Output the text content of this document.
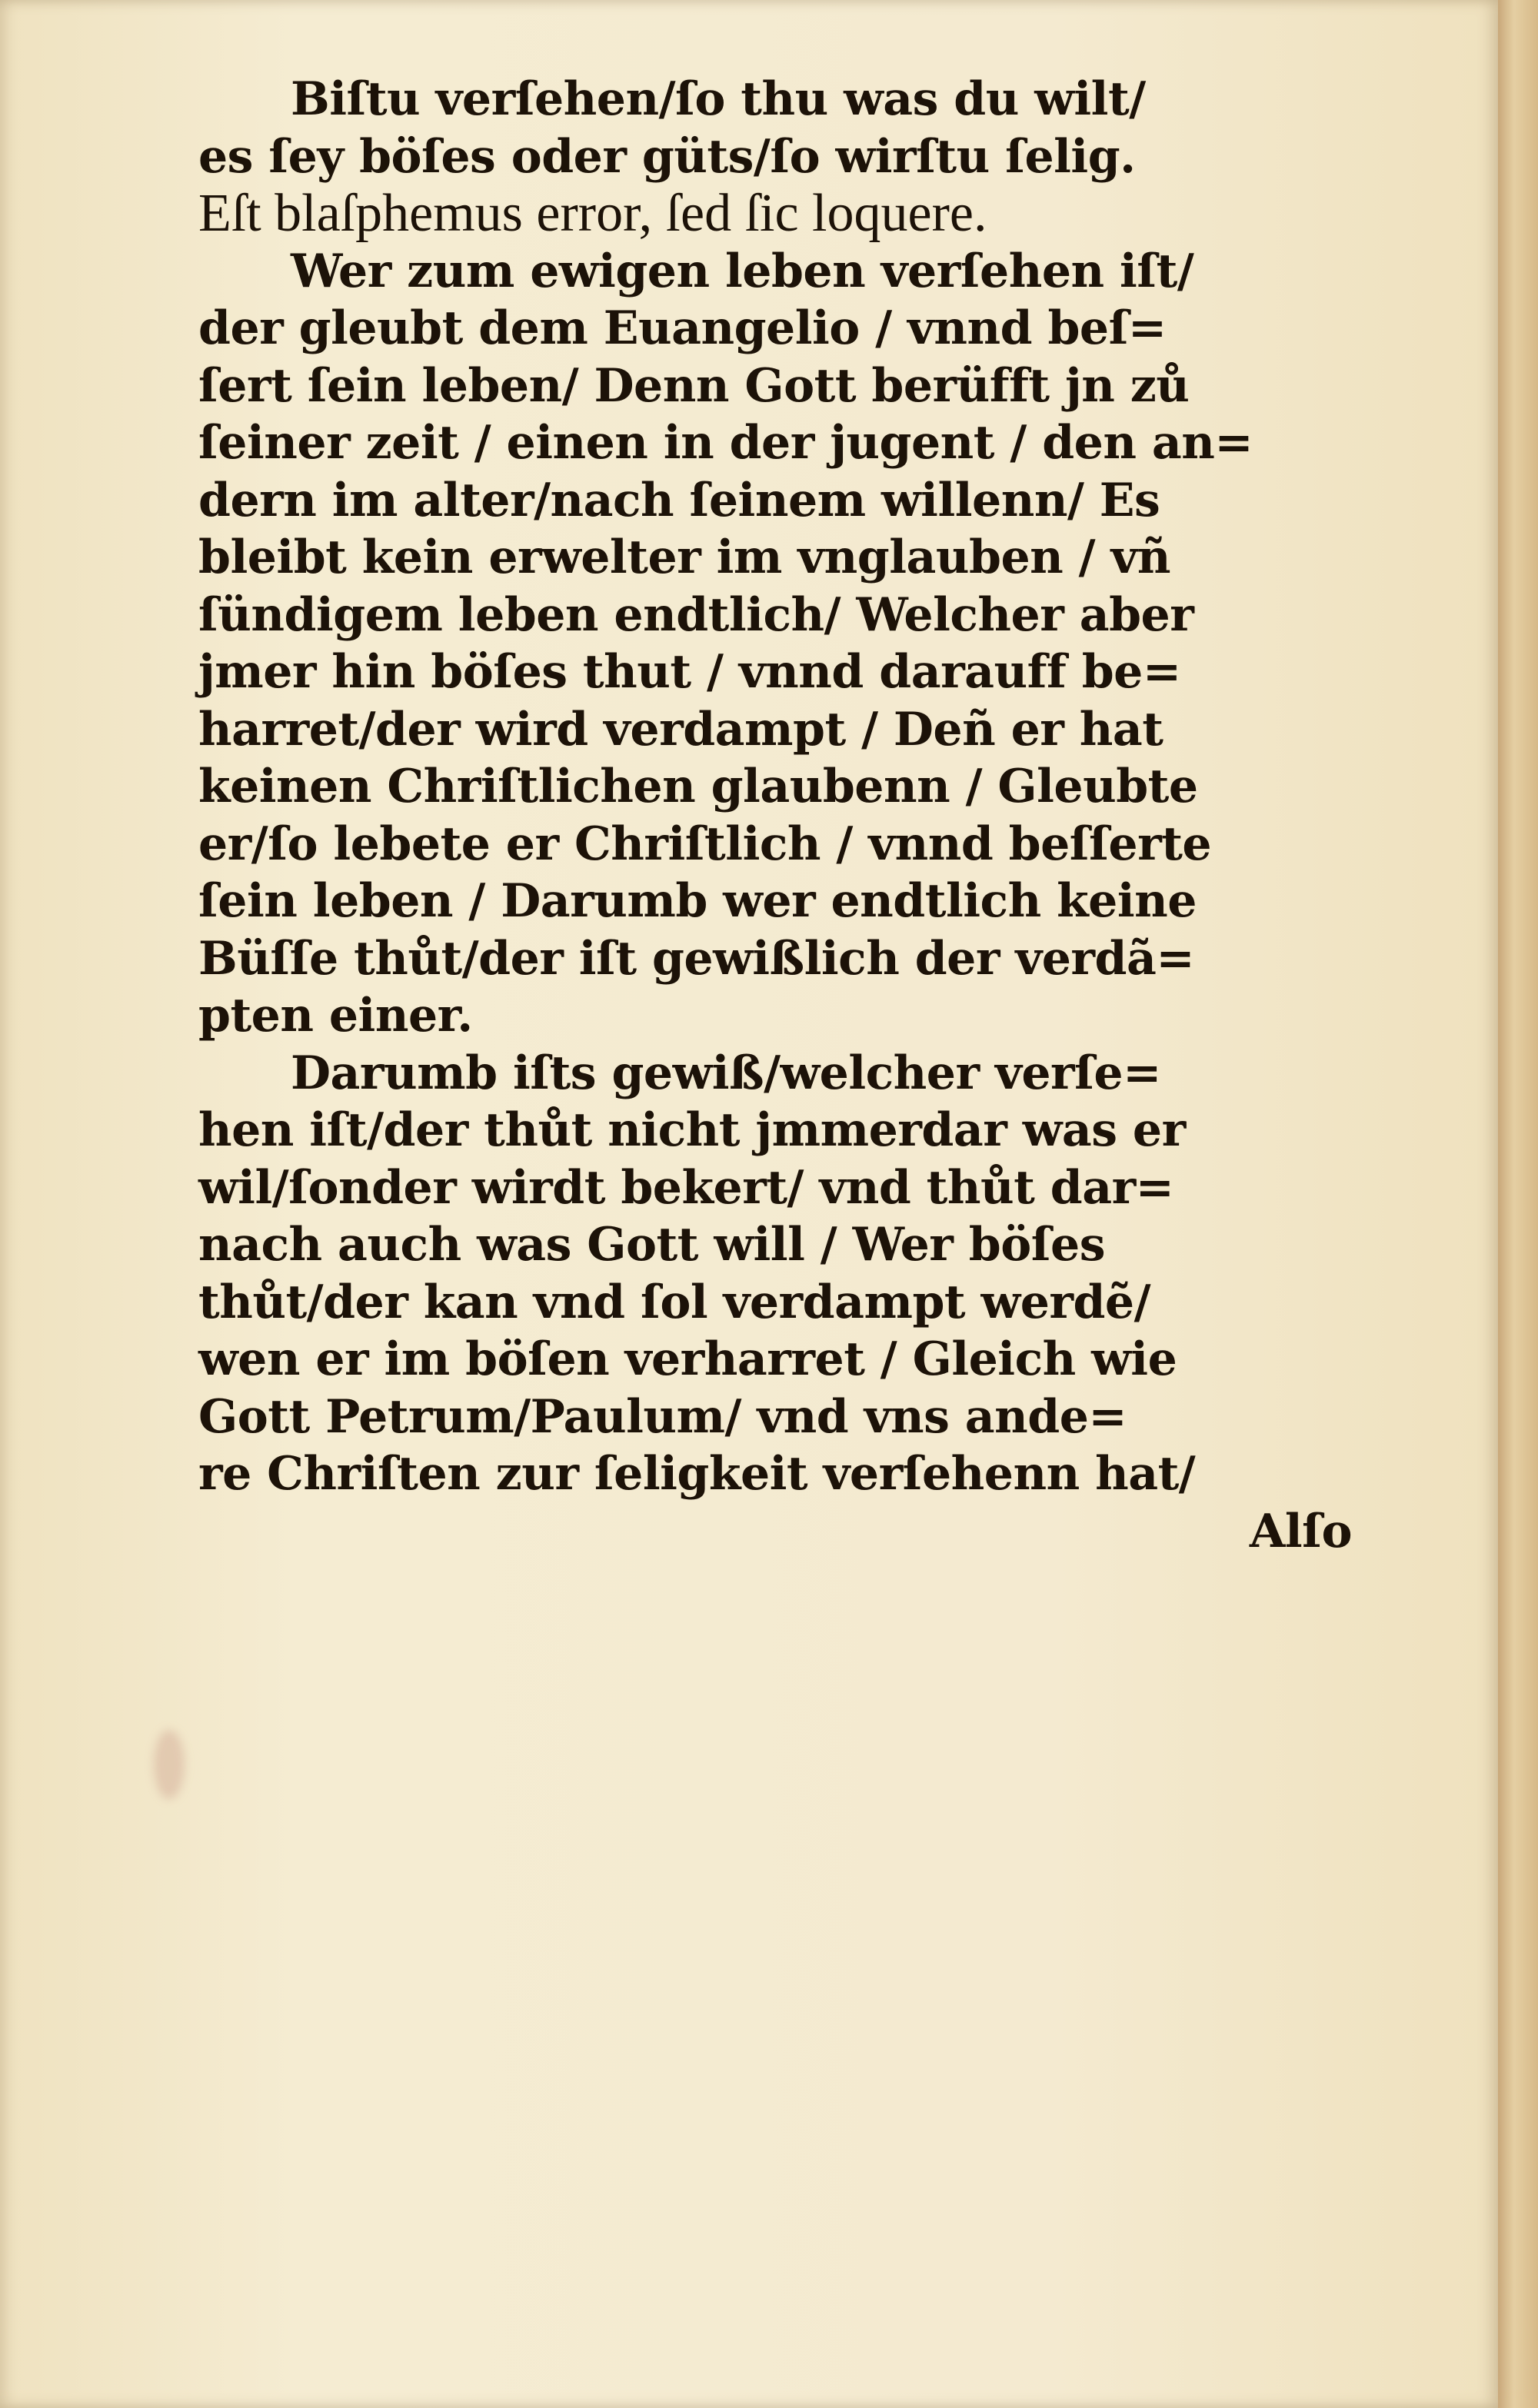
Biſtu verſehen/ſo thu was du wilt/
es ſey böſes oder güts/ſo wirſtu ſelig.
Eſt blaſphemus error, ſed ſic loquere.
Wer zum ewigen leben verſehen iſt/
der gleubt dem Euangelio / vnnd beſ=
ſert ſein leben/ Denn Gott berüfft jn zů
ſeiner zeit / einen in der jugent / den an=
dern im alter/nach ſeinem willenn/ Es
bleibt kein erwelter im vnglauben / vñ
ſündigem leben endtlich/ Welcher aber
jmer hin böſes thut / vnnd darauff be=
harret/der wird verdampt / Deñ er hat
keinen Chriſtlichen glaubenn / Gleubte
er/ſo lebete er Chriſtlich / vnnd beſſerte
ſein leben / Darumb wer endtlich keine
Büſſe thůt/der iſt gewißlich der verdã=
pten einer.
Darumb iſts gewiß/welcher verſe=
hen iſt/der thůt nicht jmmerdar was er
wil/ſonder wirdt bekert/ vnd thůt dar=
nach auch was Gott will / Wer böſes
thůt/der kan vnd ſol verdampt werdẽ/
wen er im böſen verharret / Gleich wie
Gott Petrum/Paulum/ vnd vns ande=
re Chriſten zur ſeligkeit verſehenn hat/
Alſo
